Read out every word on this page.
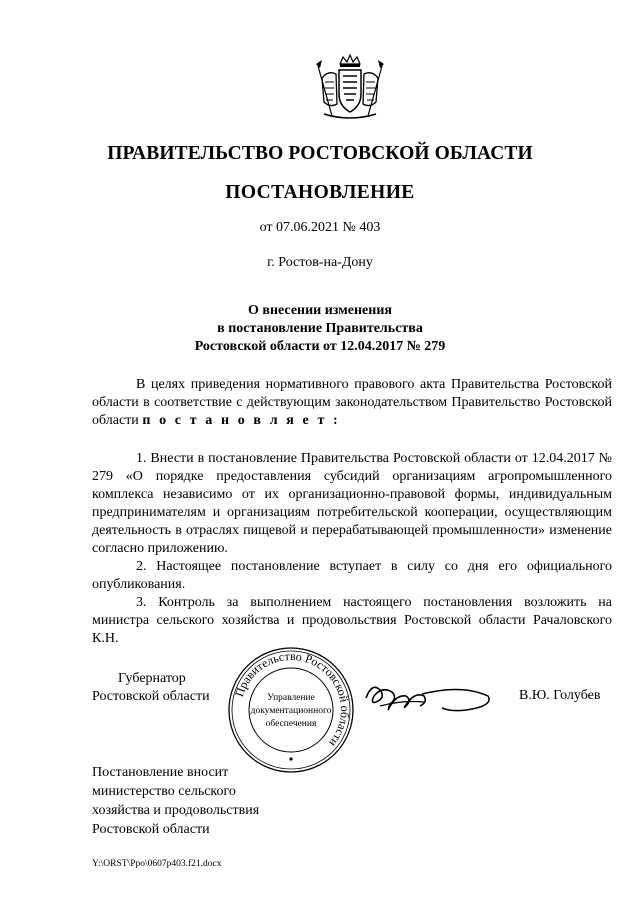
ПРАВИТЕЛЬСТВО РОСТОВСКОЙ ОБЛАСТИ
ПОСТАНОВЛЕНИЕ
от 07.06.2021 № 403
г. Ростов-на-Дону
О внесении изменения
в постановление Правительства
Ростовской области от 12.04.2017 № 279

В целях приведения нормативного правового акта Правительства Ростовской области в соответствие с действующим законодательством Правительство Ростовской области п о с т а н о в л я е т :

1. Внести в постановление Правительства Ростовской области от 12.04.2017 № 279 «О порядке предоставления субсидий организациям агропромышленного комплекса независимо от их организационно-правовой формы, индивидуальным предпринимателям и организациям потребительской кооперации, осуществляющим деятельность в отраслях пищевой и перерабатывающей промышленности» изменение согласно приложению.

2. Настоящее постановление вступает в силу со дня его официального опубликования.

3. Контроль за выполнением настоящего постановления возложить на министра сельского хозяйства и продовольствия Ростовской области Рачаловского К.Н.

Губернатор
Ростовской области	Правительство Ростовской области
Управление
документационного
обеспечения
В.Ю. Голубев
Постановление вносит
министерство сельского
хозяйства и продовольствия
Ростовской области
Y:\ORST\Ppo\0607p403.f21.docx
